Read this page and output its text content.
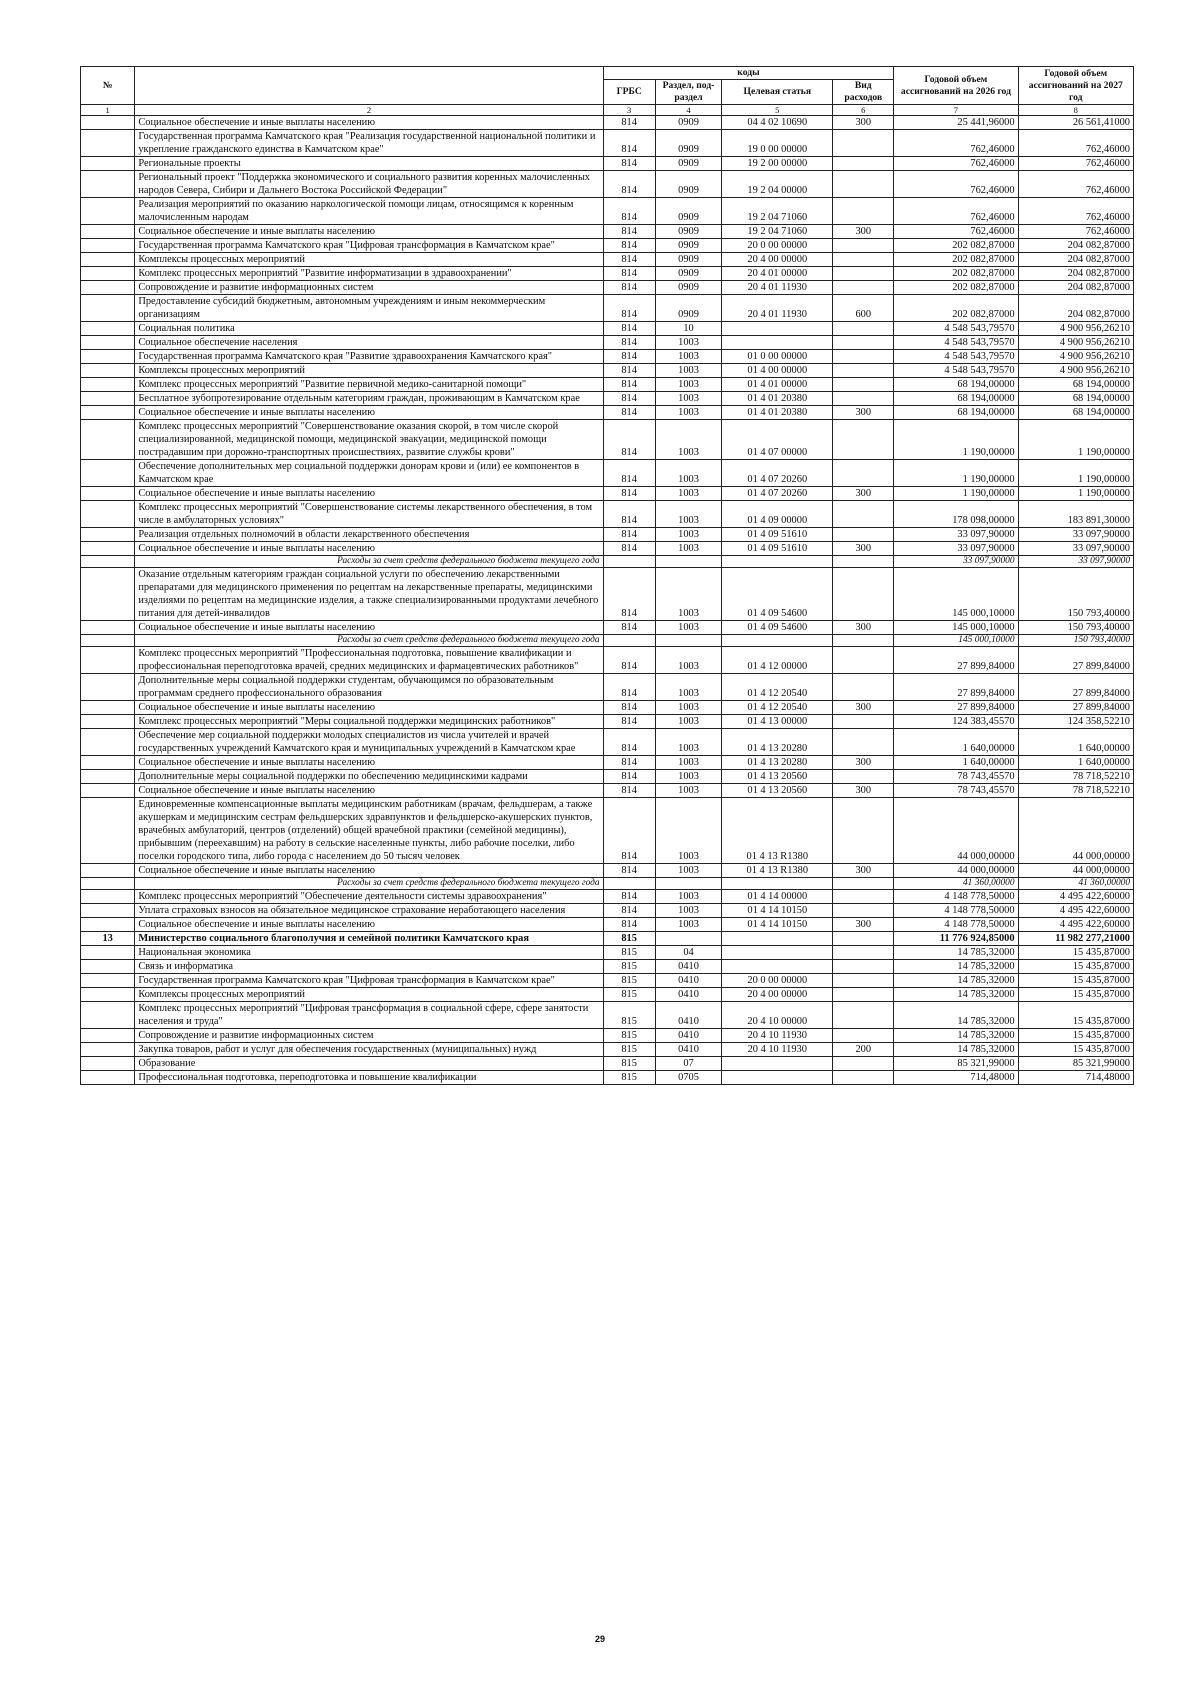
№		коды				Годовой объем ассигнований на 2026 год	Годовой объем ассигнований на 2027 год
		ГРБС	Раздел, под-раздел	Целевая статья	Вид расходов		
1	2	3	4	5	6	7	8
	Социальное обеспечение и иные выплаты населению	814	0909	04 4 02 10690	300	25 441,96000	26 561,41000
	Государственная программа Камчатского края "Реализация государственной национальной политики и укрепление гражданского единства в Камчатском крае"	814	0909	19 0 00 00000		762,46000	762,46000
	Региональные проекты	814	0909	19 2 00 00000		762,46000	762,46000
	Региональный проект "Поддержка экономического и социального развития коренных малочисленных народов Севера, Сибири и Дальнего Востока Российской Федерации"	814	0909	19 2 04 00000		762,46000	762,46000
	Реализация мероприятий по оказанию наркологической помощи лицам, относящимся к коренным малочисленным народам	814	0909	19 2 04 71060		762,46000	762,46000
	Социальное обеспечение и иные выплаты населению	814	0909	19 2 04 71060	300	762,46000	762,46000
	Государственная программа Камчатского края "Цифровая трансформация в Камчатском крае"	814	0909	20 0 00 00000		202 082,87000	204 082,87000
	Комплексы процессных мероприятий	814	0909	20 4 00 00000		202 082,87000	204 082,87000
	Комплекс процессных мероприятий "Развитие информатизации в здравоохранении"	814	0909	20 4 01 00000		202 082,87000	204 082,87000
	Сопровождение и развитие информационных систем	814	0909	20 4 01 11930		202 082,87000	204 082,87000
	Предоставление субсидий бюджетным, автономным учреждениям и иным некоммерческим организациям	814	0909	20 4 01 11930	600	202 082,87000	204 082,87000
	Социальная политика	814	10			4 548 543,79570	4 900 956,26210
	Социальное обеспечение населения	814	1003			4 548 543,79570	4 900 956,26210
	Государственная программа Камчатского края "Развитие здравоохранения Камчатского края"	814	1003	01 0 00 00000		4 548 543,79570	4 900 956,26210
	Комплексы процессных мероприятий	814	1003	01 4 00 00000		4 548 543,79570	4 900 956,26210
	Комплекс процессных мероприятий "Развитие первичной медико-санитарной помощи"	814	1003	01 4 01 00000		68 194,00000	68 194,00000
	Бесплатное зубопротезирование отдельным категориям граждан, проживающим в Камчатском крае	814	1003	01 4 01 20380		68 194,00000	68 194,00000
	Социальное обеспечение и иные выплаты населению	814	1003	01 4 01 20380	300	68 194,00000	68 194,00000
	Комплекс процессных мероприятий "Совершенствование оказания скорой, в том числе скорой специализированной, медицинской помощи, медицинской эвакуации, медицинской помощи пострадавшим при дорожно-транспортных происшествиях, развитие службы крови"	814	1003	01 4 07 00000		1 190,00000	1 190,00000
	Обеспечение дополнительных мер социальной поддержки донорам крови и (или) ее компонентов в Камчатском крае	814	1003	01 4 07 20260		1 190,00000	1 190,00000
	Социальное обеспечение и иные выплаты населению	814	1003	01 4 07 20260	300	1 190,00000	1 190,00000
	Комплекс процессных мероприятий "Совершенствование системы лекарственного обеспечения, в том числе в амбулаторных условиях"	814	1003	01 4 09 00000		178 098,00000	183 891,30000
	Реализация отдельных полномочий в области лекарственного обеспечения	814	1003	01 4 09 51610		33 097,90000	33 097,90000
	Социальное обеспечение и иные выплаты населению	814	1003	01 4 09 51610	300	33 097,90000	33 097,90000
	Расходы за счет средств федерального бюджета текущего года					33 097,90000	33 097,90000
	Оказание отдельным категориям граждан социальной услуги по обеспечению лекарственными препаратами для медицинского применения по рецептам на лекарственные препараты, медицинскими изделиями по рецептам на медицинские изделия, а также специализированными продуктами лечебного питания для детей-инвалидов	814	1003	01 4 09 54600		145 000,10000	150 793,40000
	Социальное обеспечение и иные выплаты населению	814	1003	01 4 09 54600	300	145 000,10000	150 793,40000
	Расходы за счет средств федерального бюджета текущего года					145 000,10000	150 793,40000
	Комплекс процессных мероприятий "Профессиональная подготовка, повышение квалификации и профессиональная переподготовка врачей, средних медицинских и фармацевтических работников"	814	1003	01 4 12 00000		27 899,84000	27 899,84000
	Дополнительные меры социальной поддержки студентам, обучающимся по образовательным программам среднего профессионального образования	814	1003	01 4 12 20540		27 899,84000	27 899,84000
	Социальное обеспечение и иные выплаты населению	814	1003	01 4 12 20540	300	27 899,84000	27 899,84000
	Комплекс процессных мероприятий "Меры социальной поддержки медицинских работников"	814	1003	01 4 13 00000		124 383,45570	124 358,52210
	Обеспечение мер социальной поддержки молодых специалистов из числа учителей и врачей государственных учреждений Камчатского края и муниципальных учреждений в Камчатском крае	814	1003	01 4 13 20280		1 640,00000	1 640,00000
	Социальное обеспечение и иные выплаты населению	814	1003	01 4 13 20280	300	1 640,00000	1 640,00000
	Дополнительные меры социальной поддержки по обеспечению медицинскими кадрами	814	1003	01 4 13 20560		78 743,45570	78 718,52210
	Социальное обеспечение и иные выплаты населению	814	1003	01 4 13 20560	300	78 743,45570	78 718,52210
	Единовременные компенсационные выплаты медицинским работникам (врачам, фельдшерам, а также акушеркам и медицинским сестрам фельдшерских здравпунктов и фельдшерско-акушерских пунктов, врачебных амбулаторий, центров (отделений) общей врачебной практики (семейной медицины), прибывшим (переехавшим) на работу в сельские населенные пункты, либо рабочие поселки, либо поселки городского типа, либо города с населением до 50 тысяч человек	814	1003	01 4 13 R1380		44 000,00000	44 000,00000
	Социальное обеспечение и иные выплаты населению	814	1003	01 4 13 R1380	300	44 000,00000	44 000,00000
	Расходы за счет средств федерального бюджета текущего года					41 360,00000	41 360,00000
	Комплекс процессных мероприятий "Обеспечение деятельности системы здравоохранения"	814	1003	01 4 14 00000		4 148 778,50000	4 495 422,60000
	Уплата страховых взносов на обязательное медицинское страхование неработающего населения	814	1003	01 4 14 10150		4 148 778,50000	4 495 422,60000
	Социальное обеспечение и иные выплаты населению	814	1003	01 4 14 10150	300	4 148 778,50000	4 495 422,60000
13	Министерство социального благополучия и семейной политики Камчатского края	815				11 776 924,85000	11 982 277,21000
	Национальная экономика	815	04			14 785,32000	15 435,87000
	Связь и информатика	815	0410			14 785,32000	15 435,87000
	Государственная программа Камчатского края "Цифровая трансформация в Камчатском крае"	815	0410	20 0 00 00000		14 785,32000	15 435,87000
	Комплексы процессных мероприятий	815	0410	20 4 00 00000		14 785,32000	15 435,87000
	Комплекс процессных мероприятий "Цифровая трансформация в социальной сфере, сфере занятости населения и труда"	815	0410	20 4 10 00000		14 785,32000	15 435,87000
	Сопровождение и развитие информационных систем	815	0410	20 4 10 11930		14 785,32000	15 435,87000
	Закупка товаров, работ и услуг для обеспечения государственных (муниципальных) нужд	815	0410	20 4 10 11930	200	14 785,32000	15 435,87000
	Образование	815	07			85 321,99000	85 321,99000
	Профессиональная подготовка, переподготовка и повышение квалификации	815	0705			714,48000	714,48000
29
